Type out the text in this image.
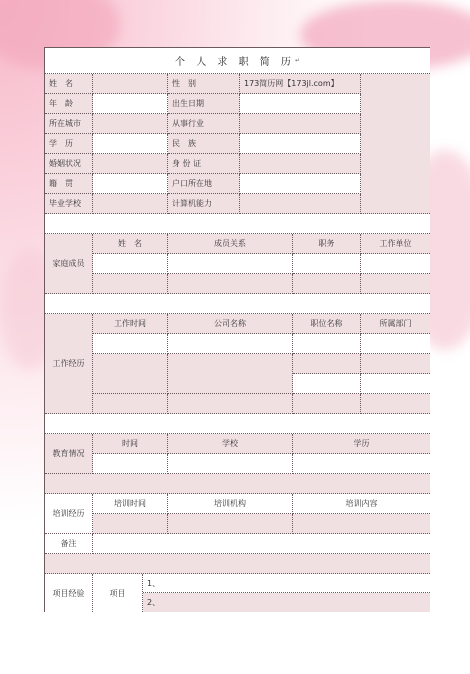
个 人 求 职 简 历 ↵
姓　名	性　别	173简历网【173jl.com】
年　龄	出生日期
所在城市	从事行业
学　历	民　族
婚姻状况	身 份 证
籍　贯	户口所在地
毕业学校	计算机能力
家庭成员
姓　名	成员关系	职务	工作单位
工作经历
工作时间	公司名称	职位名称	所属部门
教育情况
时间	学校	学历
培训经历
培训时间	培训机构	培训内容
备注
项目经验	项目
1、
2、
